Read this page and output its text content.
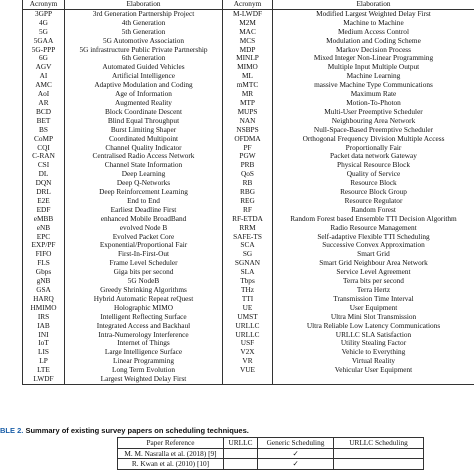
Acronym	Elaboration	Acronym	Elaboration
3GPP	3rd Generation Partnership Project	M-LWDF	Modified Largest Weighted Delay First
4G	4th Generation	M2M	Machine to Machine
5G	5th Generation	MAC	Medium Access Control
5GAA	5G Automotive Association	MCS	Modulation and Coding Scheme
5G-PPP	5G infrastructure Public Private Partnership	MDP	Markov Decision Process
6G	6th Generation	MINLP	Mixed Integer Non-Linear Programming
AGV	Automated Guided Vehicles	MIMO	Multiple Input Multiple Output
AI	Artificial Intelligence	ML	Machine Learning
AMC	Adaptive Modulation and Coding	mMTC	massive Machine Type Communications
AoI	Age of Information	MR	Maximum Rate
AR	Augmented Reality	MTP	Motion-To-Photon
BCD	Block Coordinate Descent	MUPS	Multi-User Preemptive Scheduler
BET	Blind Equal Throughput	NAN	Neighbouring Area Network
BS	Burst Limiting Shaper	NSBPS	Null-Space-Based Preemptive Scheduler
CoMP	Coordinated Multipoint	OFDMA	Orthogonal Frequency Division Multiple Access
CQI	Channel Quality Indicator	PF	Proportionally Fair
C-RAN	Centralised Radio Access Network	PGW	Packet data network Gateway
CSI	Channel State Information	PRB	Physical Resource Block
DL	Deep Learning	QoS	Quality of Service
DQN	Deep Q-Networks	RB	Resource Block
DRL	Deep Reinforcement Learning	RBG	Resource Block Group
E2E	End to End	REG	Resource Regulator
EDF	Earliest Deadline First	RF	Random Forest
eMBB	enhanced Mobile BroadBand	RF-ETDA	Random Forest based Ensemble TTI Decision Algorithm
eNB	evolved Node B	RRM	Radio Resource Management
EPC	Evolved Packet Core	SAFE-TS	Self-adaptive Flexible TTI Scheduling
EXP/PF	Exponential/Proportional Fair	SCA	Successive Convex Approximation
FIFO	First-In-First-Out	SG	Smart Grid
FLS	Frame Level Scheduler	SGNAN	Smart Grid Neighbour Area Network
Gbps	Giga bits per second	SLA	Service Level Agreement
gNB	5G NodeB	Tbps	Terra bits per second
GSA	Greedy Shrinking Algorithms	THz	Terra Hertz
HARQ	Hybrid Automatic Repeat reQuest	TTI	Transmission Time Interval
HMIMO	Holographic MIMO	UE	User Equipment
IRS	Intelligent Reflecting Surface	UMST	Ultra Mini Slot Transmission
IAB	Integrated Access and Backhaul	URLLC	Ultra Reliable Low Latency Communications
INI	Intra-Numerology Interference	URLLC	URLLC SLA Satisfaction
IoT	Internet of Things	USF	Utility Stealing Factor
LIS	Large Intelligence Surface	V2X	Vehicle to Everything
LP	Linear Programming	VR	Virtual Reality
LTE	Long Term Evolution	VUE	Vehicular User Equipment
LWDF	Largest Weighted Delay First		
BLE 2. Summary of existing survey papers on scheduling techniques.
Paper Reference	URLLC	Generic Scheduling	URLLC Scheduling
M. M. Nasralla et al. (2018) [9]		✓	
R. Kwan et al. (2010) [10]		✓	
